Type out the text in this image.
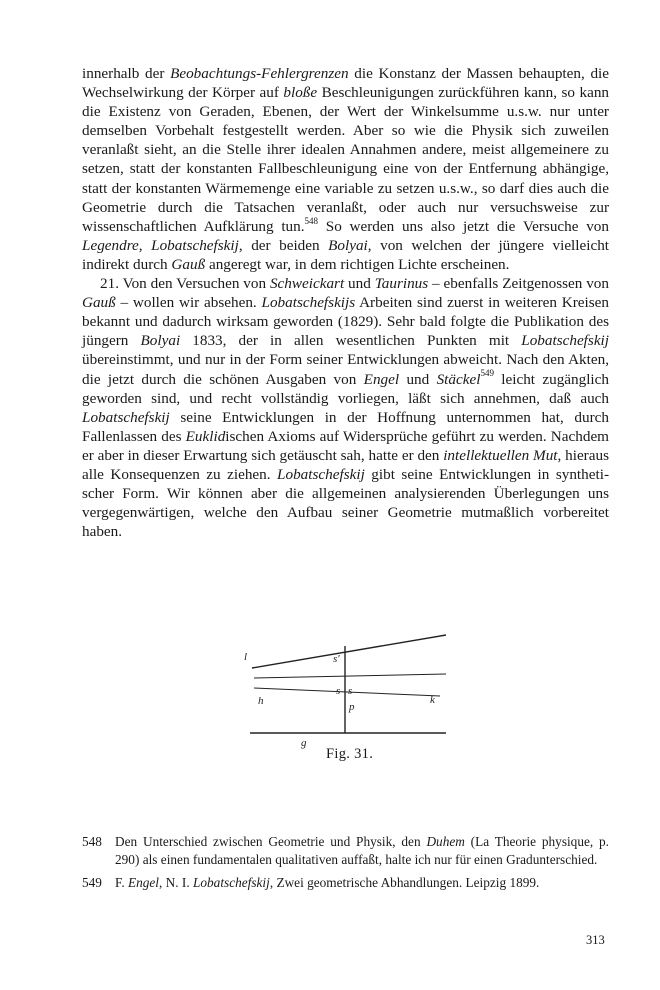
innerhalb der Beobachtungs-Fehlergrenzen die Konstanz der Massen behaupten, die Wechselwirkung der Körper auf bloße Beschleunigungen zurückführen kann, so kann die Existenz von Geraden, Ebenen, der Wert der Winkelsumme u.s.w. nur unter demselben Vorbehalt festgestellt werden. Aber so wie die Physik sich zuweilen veranlaßt sieht, an die Stelle ihrer idealen Annahmen andere, meist allgemeinere zu setzen, statt der konstanten Fallbeschleunigung eine von der Entfernung abhängige, statt der konstanten Wärmemenge eine variable zu setzen u.s.w., so darf dies auch die Geometrie durch die Tatsachen veranlaßt, oder auch nur versuchsweise zur wissenschaftlichen Aufklärung tun.$^{548}$ So werden uns also jetzt die Versuche von Legendre, Lobatschefskij, der beiden Bolyai, von welchen der jüngere vielleicht indirekt durch Gauß angeregt war, in dem richtigen Lichte erscheinen.

21. Von den Versuchen von Schweickart und Taurinus – ebenfalls Zeitgenossen von Gauß – wollen wir absehen. Lobatschefskijs Arbeiten sind zuerst in weiteren Kreisen bekannt und dadurch wirksam geworden (1829). Sehr bald folgte die Publikation des jüngern Bolyai 1833, der in allen wesentlichen Punkten mit Lobatschefskij übereinstimmt, und nur in der Form seiner Entwicklungen abweicht. Nach den Akten, die jetzt durch die schönen Ausgaben von Engel und Stäckel$^{549}$ leicht zugänglich geworden sind, und recht vollständig vorliegen, läßt sich annehmen, daß auch Lobatschefskij seine Entwicklungen in der Hoffnung unternommen hat, durch Fallenlassen des Euklidischen Axioms auf Widersprüche geführt zu werden. Nachdem er aber in dieser Erwartung sich getäuscht sah, hatte er den intellektuellen Mut, hieraus alle Konsequenzen zu ziehen. Lobatschefskij gibt seine Entwicklungen in synthetischer Form. Wir können aber die allgemeinen analysierenden Überlegungen uns vergegenwärtigen, welche den Aufbau seiner Geometrie mutmaßlich vorbereitet haben.

l	s′
h
s s
k
p
g
Fig. 31.
548 Den Unterschied zwischen Geometrie und Physik, den Duhem (La Theorie physique, p. 290) als einen fundamentalen qualitativen auffaßt, halte ich nur für einen Gradunterschied.
549 F. Engel, N. I. Lobatschefskij, Zwei geometrische Abhandlungen. Leipzig 1899.
313
